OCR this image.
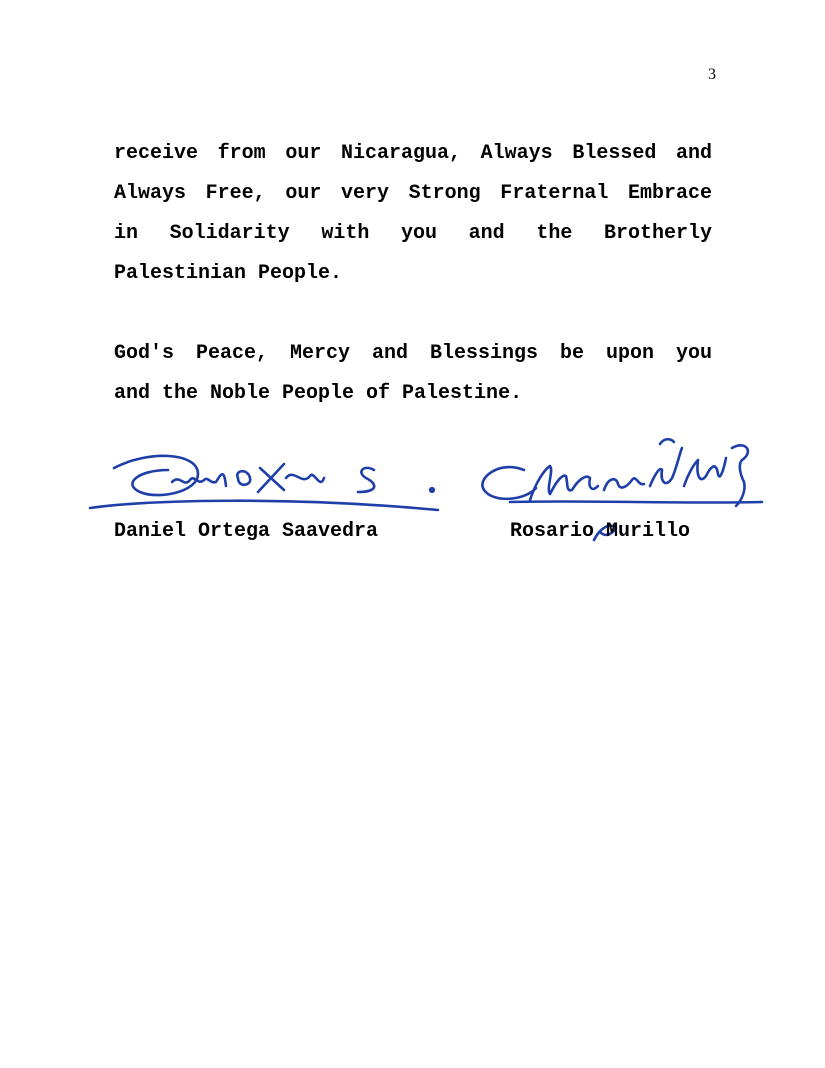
3

receive from our Nicaragua, Always Blessed and
Always Free, our very Strong Fraternal Embrace
in Solidarity with you and the Brotherly
Palestinian People.

God's Peace, Mercy and Blessings be upon you
and the Noble People of Palestine.

Daniel Ortega Saavedra	Rosario Murillo
